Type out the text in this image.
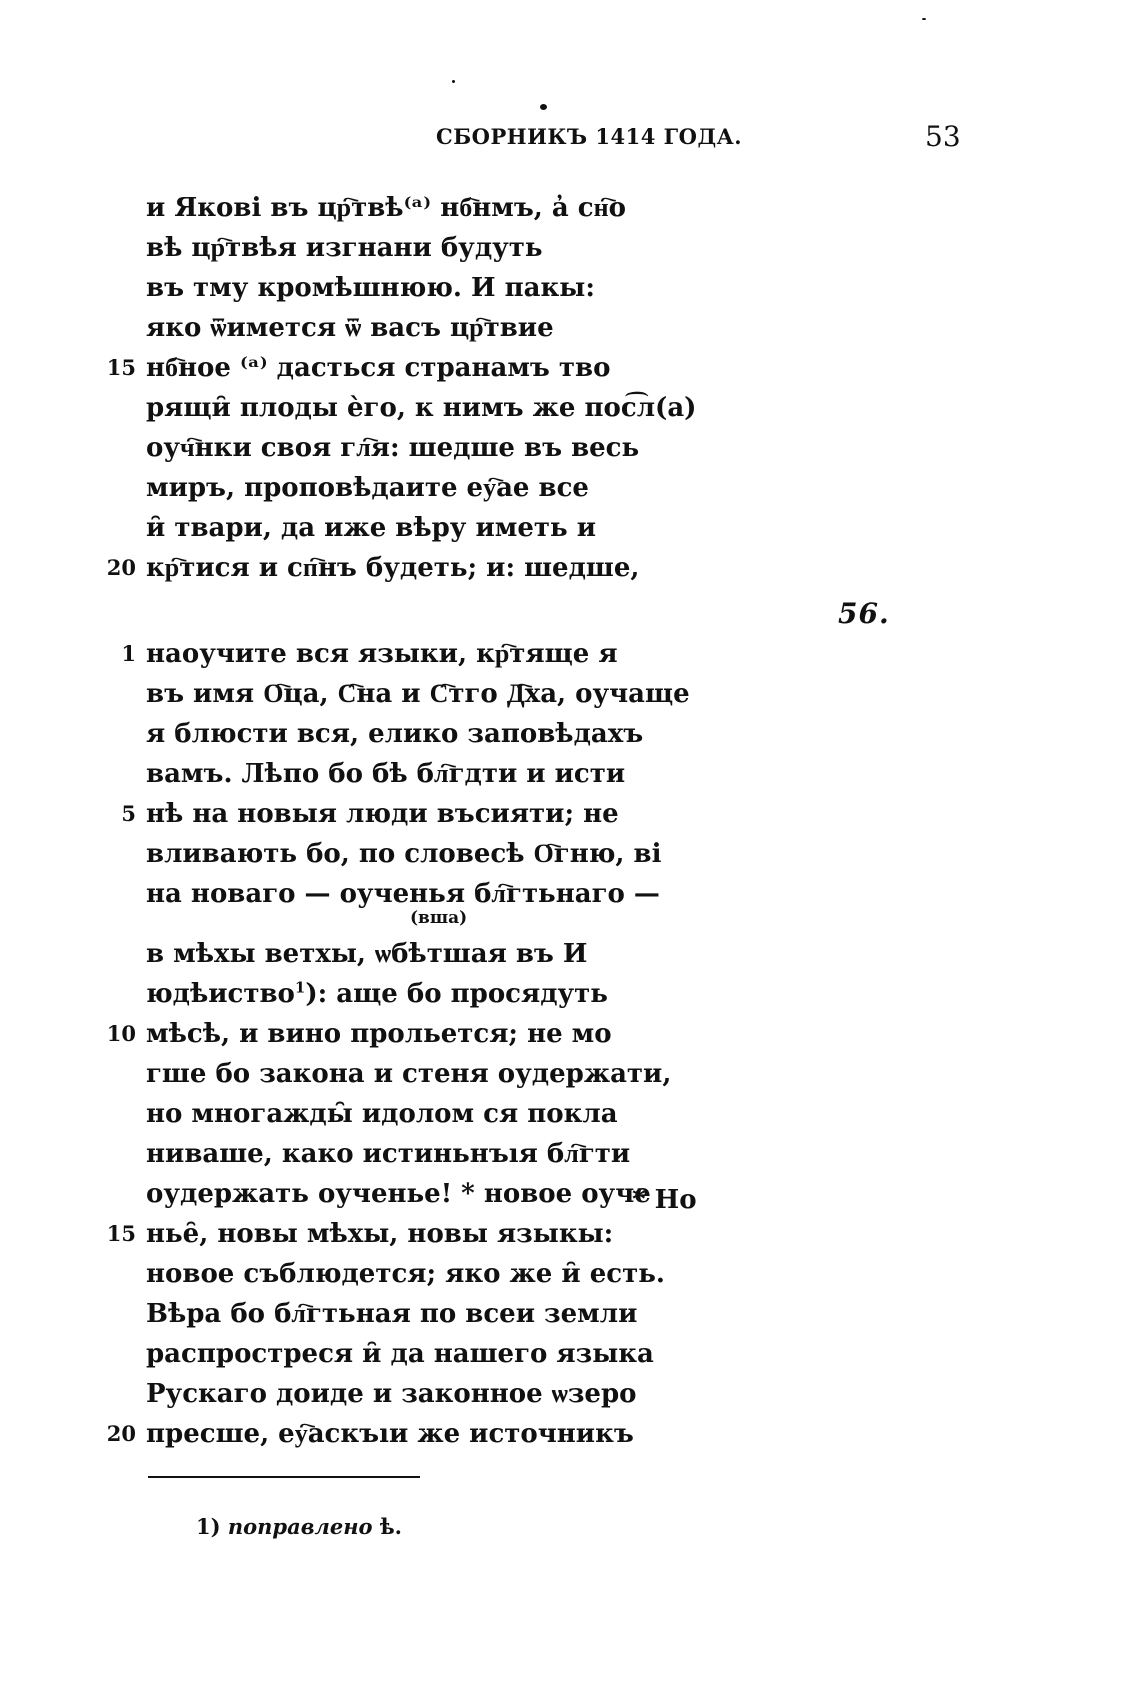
СБОРНИКЪ 1414 ГОДА.	53
и Якові въ цр҇твѣ⁽ᵃ⁾ нб҇нмъ, а̓ сн҇о
вѣ цр҇твѣя изгнани будуть
въ тму кромѣшнюю. И пакы:
яко ѿимется ѿ васъ цр҇твие
15 нб҇ное ⁽ᵃ⁾ дасться странамъ тво
рящи̑ плоды ѐго, к нимъ же пос͡л(а)
оуч҇нки своя гл҇я: шедше въ весь
миръ, проповѣдаите еу҇ае все
и̑ твари, да иже вѣру иметь и
20 кр҇тися и сп҇нъ будеть; и: шедше,
56.
1 наоучите вся языки, кр҇тяще я
въ имя О҇ца, С҇на и С҇тго Д҇ха, оучаще
я блюсти вся, елико заповѣдахъ
вамъ. Лѣпо бо бѣ бл҇гдти и исти
5 нѣ на новыя люди въсияти; не
вливають бо, по словесѣ О҇гню, ві
на новаго — оученья бл҇гтьнаго —
(вша)
в мѣхы ветхы, ѡбѣтшая въ И
юдѣиство$^1$): аще бо просядуть
10 мѣсѣ, и вино прольется; не мо
гше бо закона и стеня оудержати,
но многажды̑ идолом ся покла
нивашe, како истиньнъıя бл҇гти
оудержать оученье! * новое оуче
15 нье̑, новы мѣхы, новы языкы:
новое съблюдется; яко же и̑ есть.
Вѣра бо бл҇гтьная по всеи земли
распрострeся и̑ да нашего языка
Рускаго доиде и законное ѡзеро
20 пресше, еу҇аскъıи же источникъ
* Но
1) поправлено ѣ.
